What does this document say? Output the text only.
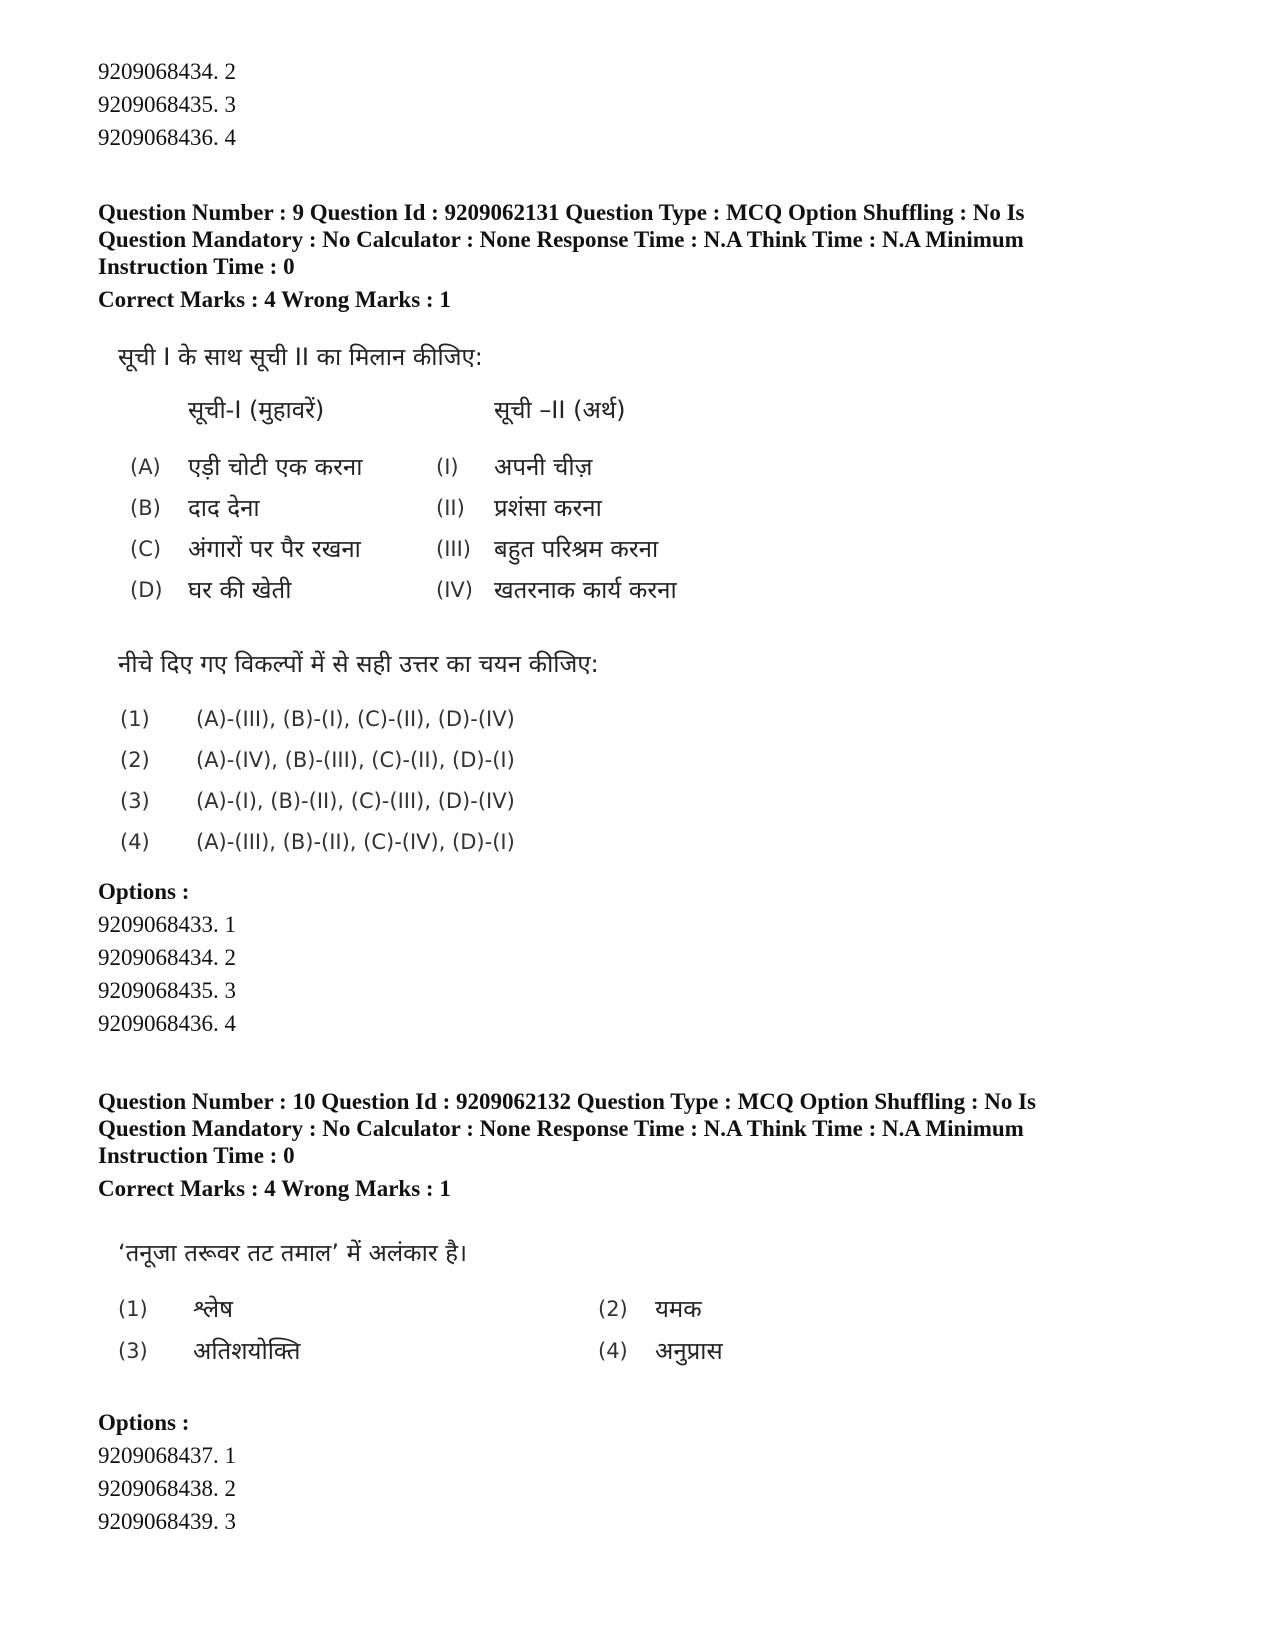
9209068434. 2
9209068435. 3
9209068436. 4
Question Number : 9 Question Id : 9209062131 Question Type : MCQ Option Shuffling : No Is
Question Mandatory : No Calculator : None Response Time : N.A Think Time : N.A Minimum
Instruction Time : 0
Correct Marks : 4 Wrong Marks : 1
सूची I के साथ सूची II का मिलान कीजिए:
सूची-I (मुहावरें)	सूची –II (अर्थ)
(A) एड़ी चोटी एक करना	(I) अपनी चीज़
(B) दाद देना	(II) प्रशंसा करना
(C) अंगारों पर पैर रखना	(III) बहुत परिश्रम करना
(D) घर की खेती	(IV) खतरनाक कार्य करना
नीचे दिए गए विकल्पों में से सही उत्तर का चयन कीजिए:
(1) (A)-(III), (B)-(I), (C)-(II), (D)-(IV)
(2) (A)-(IV), (B)-(III), (C)-(II), (D)-(I)
(3) (A)-(I), (B)-(II), (C)-(III), (D)-(IV)
(4) (A)-(III), (B)-(II), (C)-(IV), (D)-(I)
Options :
9209068433. 1
9209068434. 2
9209068435. 3
9209068436. 4
Question Number : 10 Question Id : 9209062132 Question Type : MCQ Option Shuffling : No Is
Question Mandatory : No Calculator : None Response Time : N.A Think Time : N.A Minimum
Instruction Time : 0
Correct Marks : 4 Wrong Marks : 1
‘तनूजा तरूवर तट तमाल’ में अलंकार है।
(1) श्लेष	(2) यमक
(3) अतिशयोक्ति	(4) अनुप्रास
Options :
9209068437. 1
9209068438. 2
9209068439. 3
